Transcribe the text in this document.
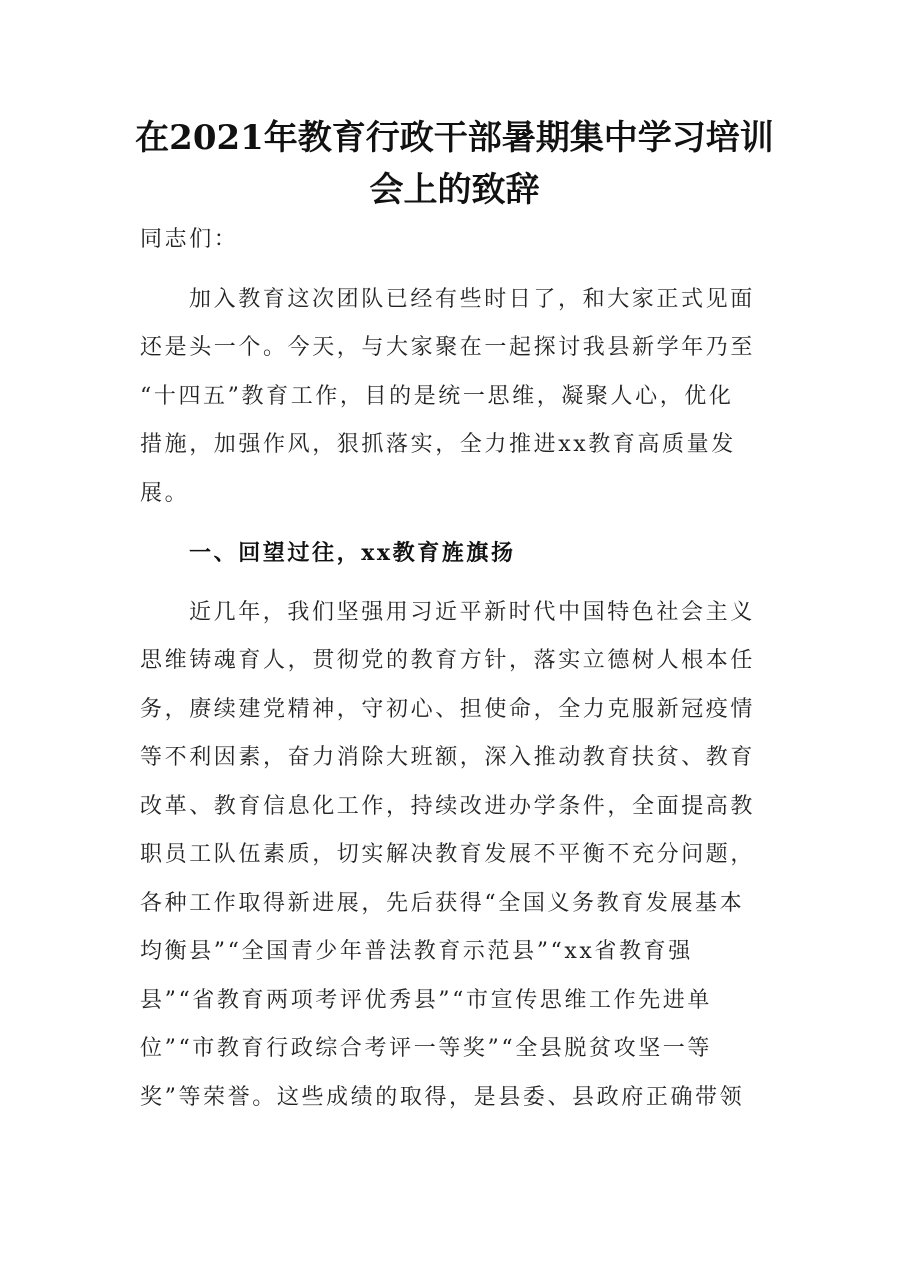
在2021年教育行政干部暑期集中学习培训
会上的致辞
同志们：
加入教育这次团队已经有些时日了，和大家正式见面
还是头一个。今天，与大家聚在一起探讨我县新学年乃至
“十四五”教育工作，目的是统一思维，凝聚人心，优化
措施，加强作风，狠抓落实，全力推进xx教育高质量发
展。
一、回望过往，xx教育旌旗扬
近几年，我们坚强用习近平新时代中国特色社会主义
思维铸魂育人，贯彻党的教育方针，落实立德树人根本任
务，赓续建党精神，守初心、担使命，全力克服新冠疫情
等不利因素，奋力消除大班额，深入推动教育扶贫、教育
改革、教育信息化工作，持续改进办学条件，全面提高教
职员工队伍素质，切实解决教育发展不平衡不充分问题，
各种工作取得新进展，先后获得“全国义务教育发展基本
均衡县”“全国青少年普法教育示范县”“xx省教育强
县”“省教育两项考评优秀县”“市宣传思维工作先进单
位”“市教育行政综合考评一等奖”“全县脱贫攻坚一等
奖”等荣誉。这些成绩的取得，是县委、县政府正确带领
